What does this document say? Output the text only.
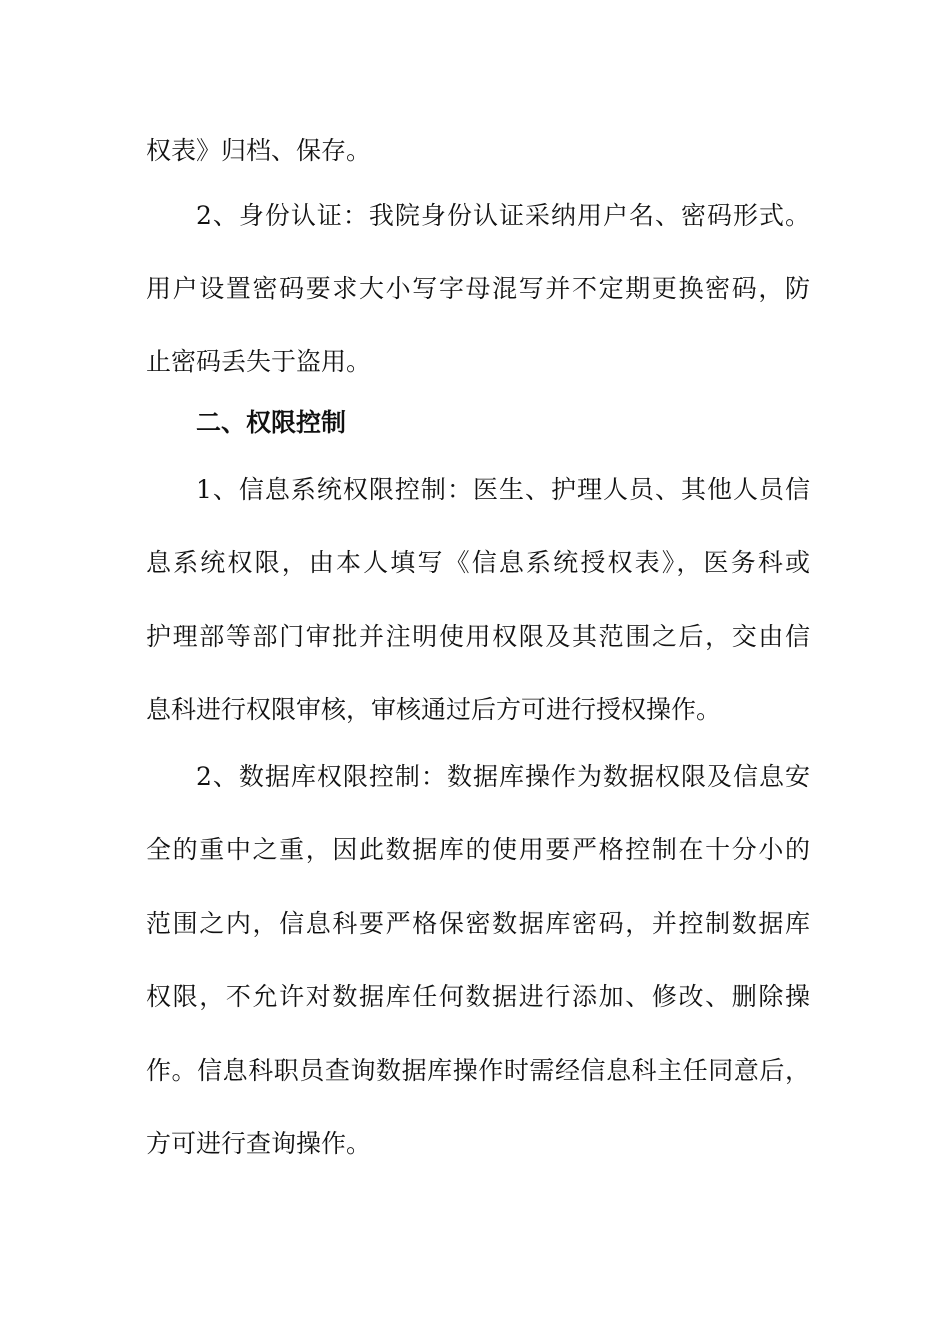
权表》归档、保存。
2、身份认证：我院身份认证采纳用户名、密码形式。
用户设置密码要求大小写字母混写并不定期更换密码，防
止密码丢失于盗用。
二、权限控制
1、信息系统权限控制：医生、护理人员、其他人员信
息系统权限，由本人填写《信息系统授权表》，医务科或
护理部等部门审批并注明使用权限及其范围之后，交由信
息科进行权限审核，审核通过后方可进行授权操作。
2、数据库权限控制：数据库操作为数据权限及信息安
全的重中之重，因此数据库的使用要严格控制在十分小的
范围之内，信息科要严格保密数据库密码，并控制数据库
权限，不允许对数据库任何数据进行添加、修改、删除操
作。信息科职员查询数据库操作时需经信息科主任同意后，
方可进行查询操作。
